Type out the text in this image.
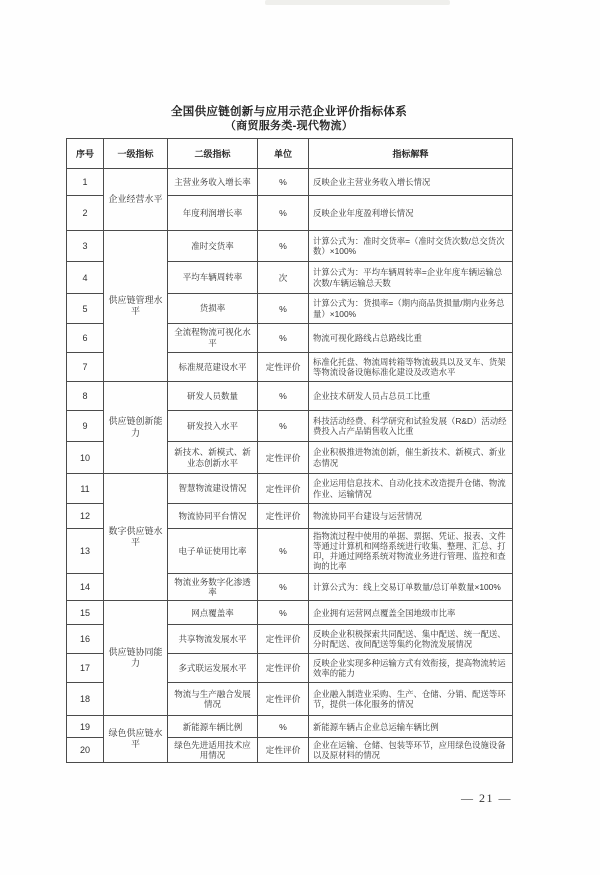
全国供应链创新与应用示范企业评价指标体系
（商贸服务类-现代物流）
序号	一级指标	二级指标	单位	指标解释
1	企业经营水平	主营业务收入增长率	%	反映企业主营业务收入增长情况
2		年度利润增长率	%	反映企业年度盈利增长情况
3	供应链管理水平	准时交货率	%	计算公式为：准时交货率=（准时交货次数/总交货次数）×100%
4		平均车辆周转率	次	计算公式为：平均车辆周转率=企业年度车辆运输总次数/车辆运输总天数
5		货损率	%	计算公式为：货损率=（期内商品货损量/期内业务总量）×100%
6		全流程物流可视化水平	%	物流可视化路线占总路线比重
7		标准规范建设水平	定性评价	标准化托盘、物流周转箱等物流载具以及叉车、货架等物流设备设施标准化建设及改造水平
8	供应链创新能力	研发人员数量	%	企业技术研发人员占总员工比重
9		研发投入水平	%	科技活动经费、科学研究和试验发展（R&D）活动经费投入占产品销售收入比重
10		新技术、新模式、新业态创新水平	定性评价	企业积极推进物流创新，催生新技术、新模式、新业态情况
11	数字供应链水平	智慧物流建设情况	定性评价	企业运用信息技术、自动化技术改造提升仓储、物流作业、运输情况
12		物流协同平台情况	定性评价	物流协同平台建设与运营情况
13		电子单证使用比率	%	指物流过程中使用的单据、票据、凭证、报表、文件等通过计算机和网络系统进行收集、整理、汇总、打印，并通过网络系统对物流业务进行管理、监控和查询的比率
14		物流业务数字化渗透率	%	计算公式为：线上交易订单数量/总订单数量×100%
15	供应链协同能力	网点覆盖率	%	企业拥有运营网点覆盖全国地级市比率
16		共享物流发展水平	定性评价	反映企业积极探索共同配送、集中配送、统一配送、分时配送、夜间配送等集约化物流发展情况
17		多式联运发展水平	定性评价	反映企业实现多种运输方式有效衔接，提高物流转运效率的能力
18		物流与生产融合发展情况	定性评价	企业融入制造业采购、生产、仓储、分销、配送等环节，提供一体化服务的情况
19	绿色供应链水平	新能源车辆比例	%	新能源车辆占企业总运输车辆比例
20		绿色先进适用技术应用情况	定性评价	企业在运输、仓储、包装等环节，应用绿色设施设备以及原材料的情况
— 21 —
